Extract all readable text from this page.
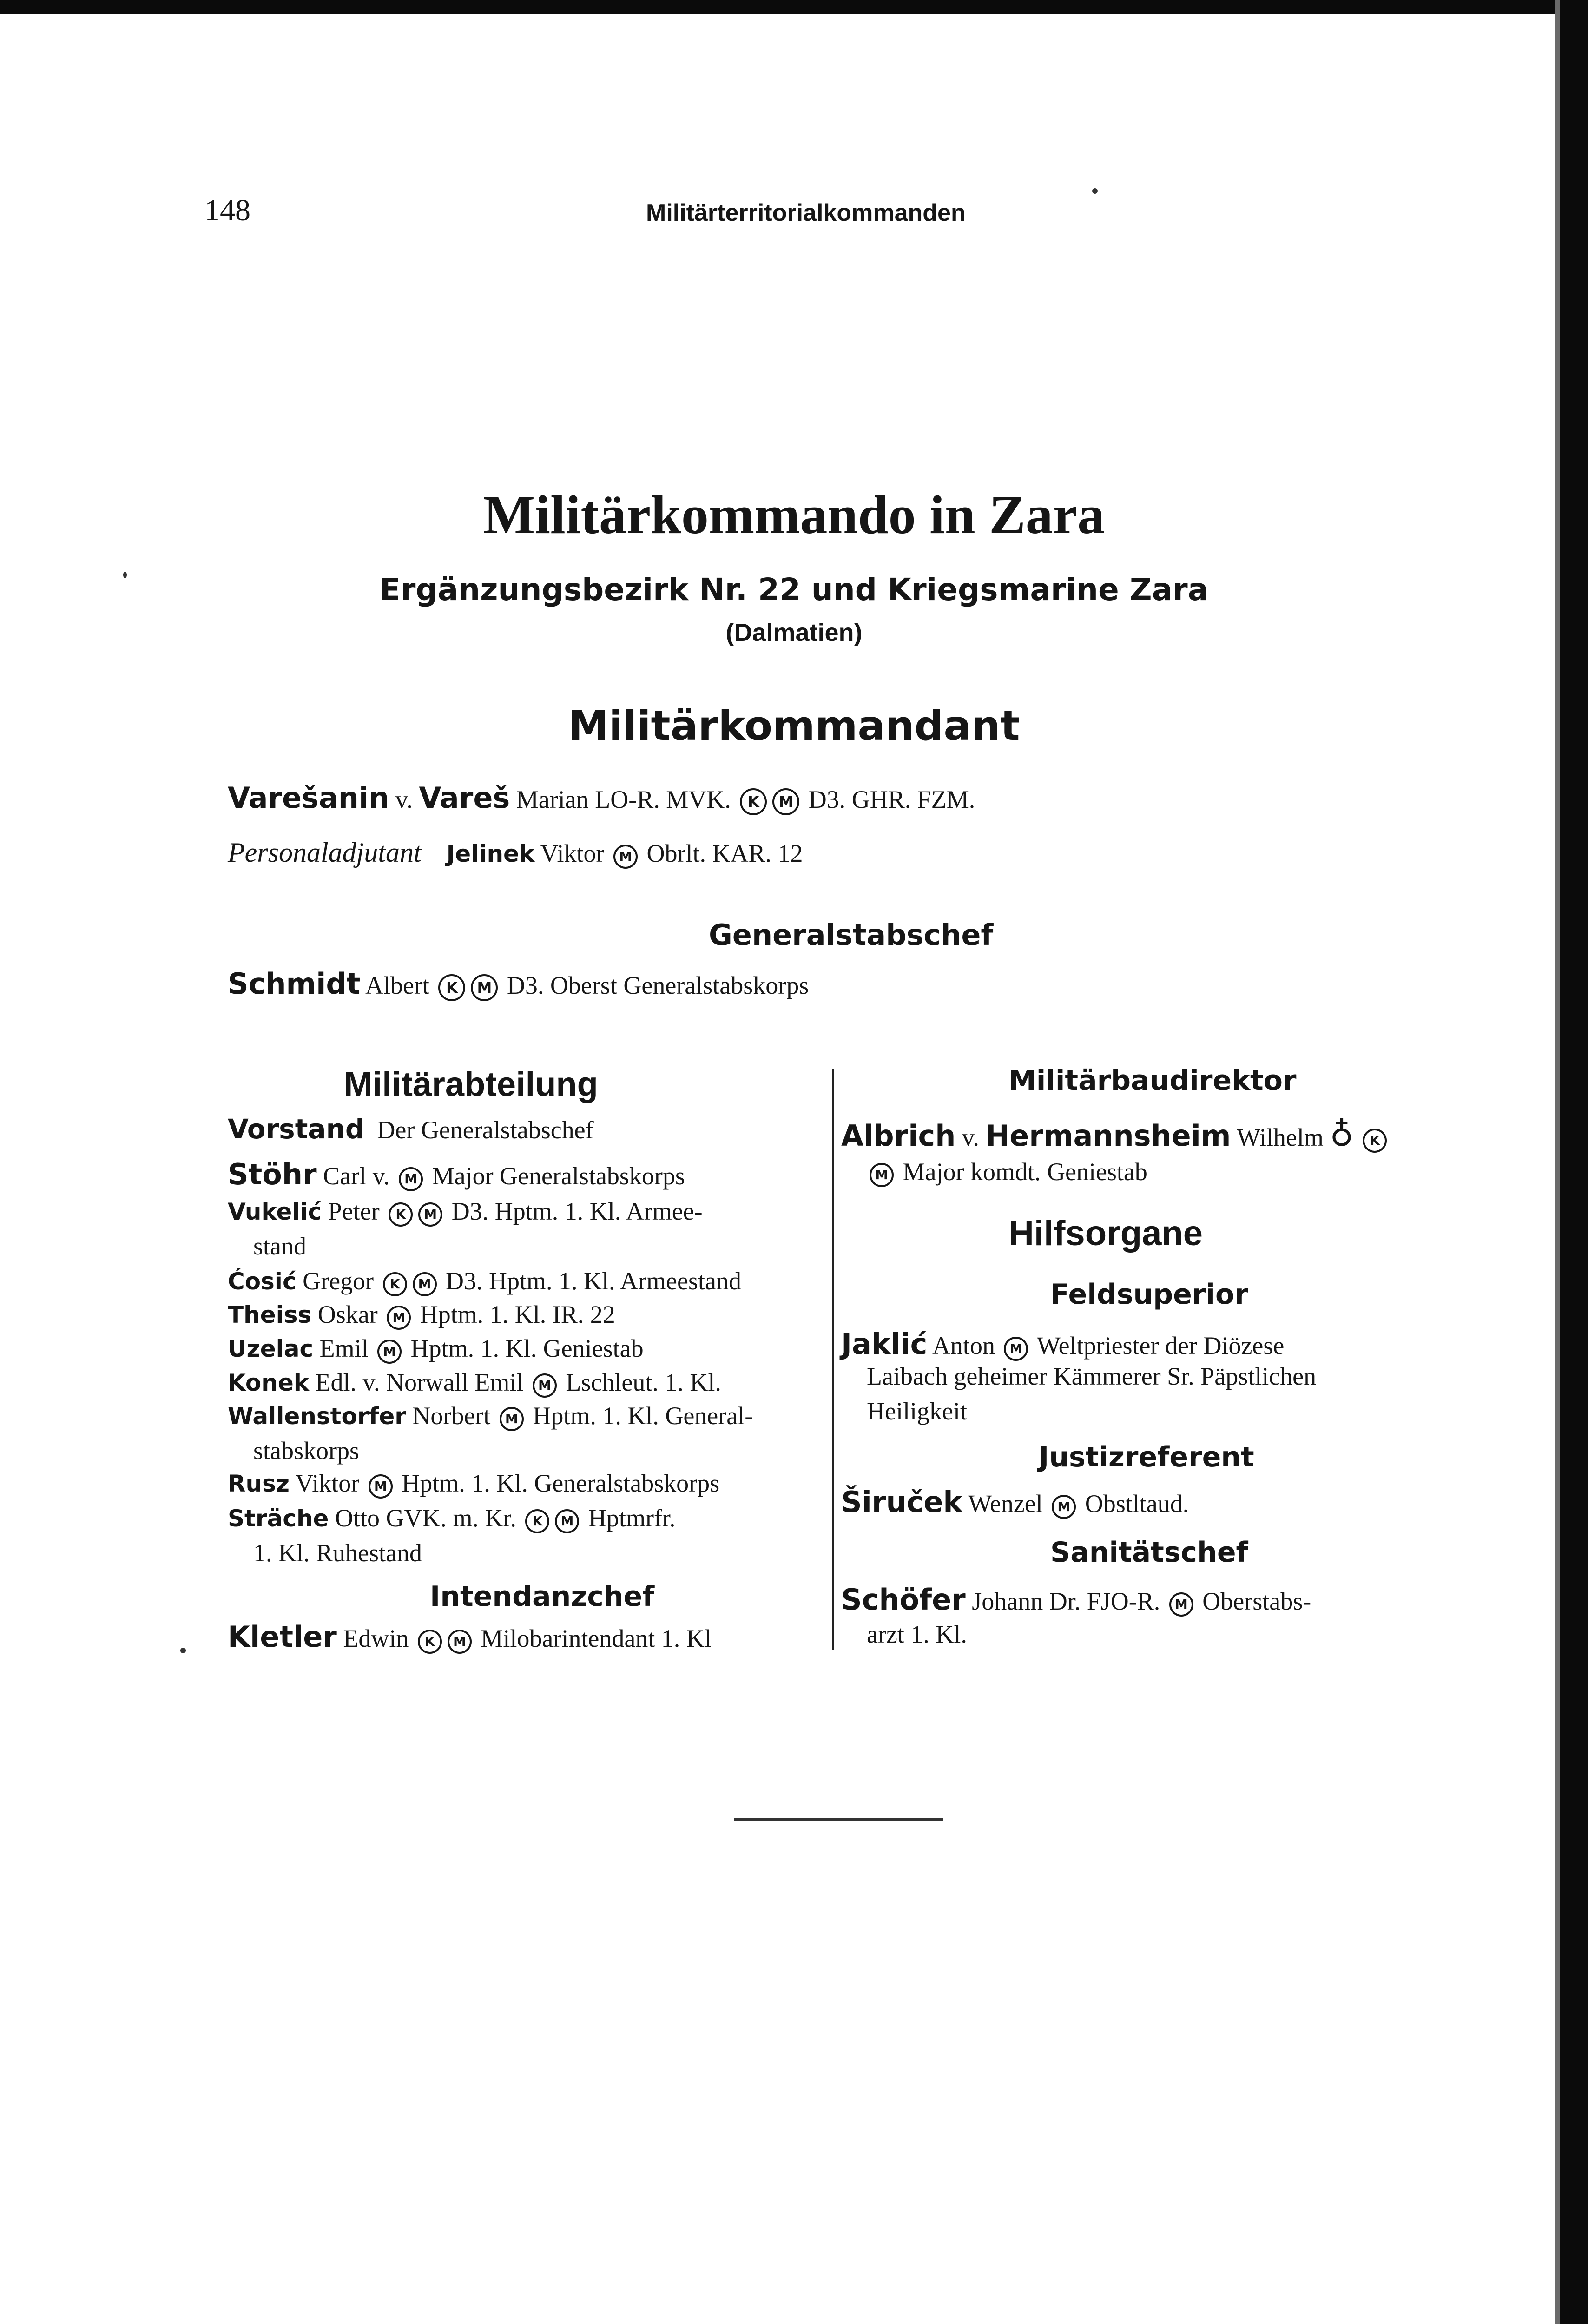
148	Militärterritorialkommanden
Militärkommando in Zara
Ergänzungsbezirk Nr. 22 und Kriegsmarine Zara
(Dalmatien)
Militärkommandant
Varešanin v. Vareš Marian LO-R. MVK. K M D3. GHR. FZM.
Personaladjutant Jelinek Viktor M Obrlt. KAR. 12
Generalstabschef
Schmidt Albert K M D3. Oberst Generalstabskorps
Militärabteilung
Vorstand Der Generalstabschef
Stöhr Carl v. M Major Generalstabskorps
Vukelić Peter K M D3. Hptm. 1. Kl. Armee-
stand
Ćosić Gregor K M D3. Hptm. 1. Kl. Armeestand
Theiss Oskar M Hptm. 1. Kl. IR. 22
Uzelac Emil M Hptm. 1. Kl. Geniestab
Konek Edl. v. Norwall Emil M Lschleut. 1. Kl.
Wallenstorfer Norbert M Hptm. 1. Kl. General-
stabskorps
Rusz Viktor M Hptm. 1. Kl. Generalstabskorps
Sträche Otto GVK. m. Kr. K M Hptmrfr.
1. Kl. Ruhestand
Intendanzchef
Kletler Edwin K M Milobarintendant 1. Kl
Militärbaudirektor
Albrich v. Hermannsheim Wilhelm ♁ K
M Major komdt. Geniestab
Hilfsorgane
Feldsuperior
Jaklić Anton M Weltpriester der Diözese
Laibach geheimer Kämmerer Sr. Päpstlichen
Heiligkeit
Justizreferent
Širuček Wenzel M Obstltaud.
Sanitätschef
Schöfer Johann Dr. FJO-R. M Oberstabs-
arzt 1. Kl.
